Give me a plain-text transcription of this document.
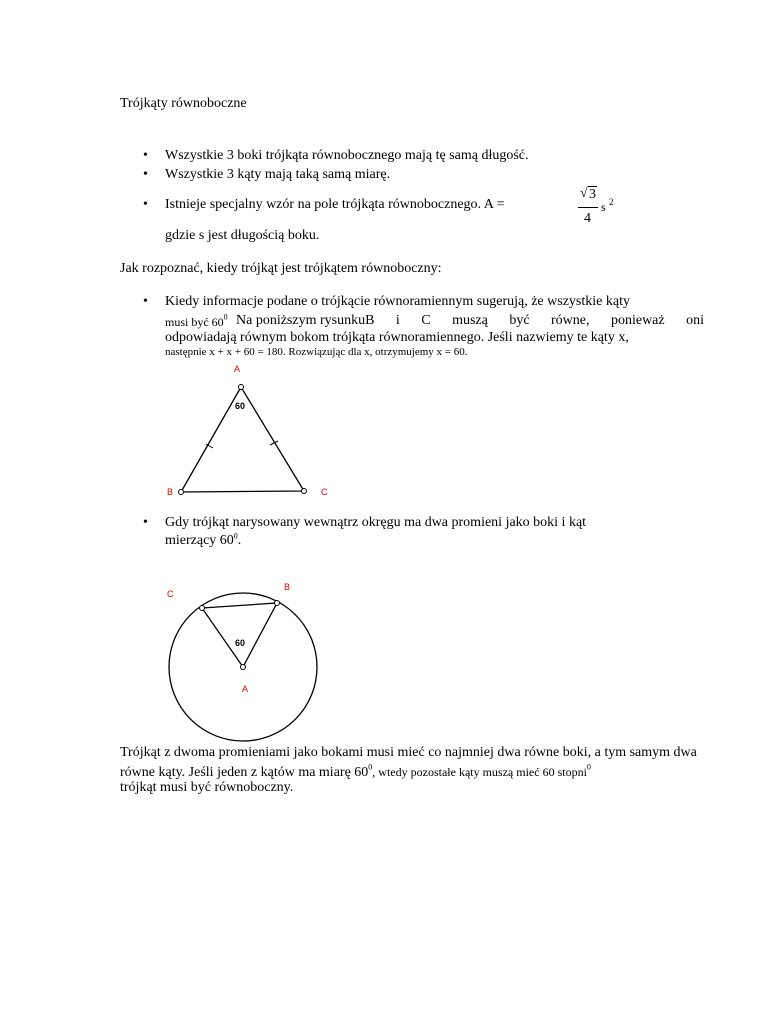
Trójkąty równoboczne
• Wszystkie 3 boki trójkąta równobocznego mają tę samą długość.
• Wszystkie 3 kąty mają taką samą miarę.
• Istnieje specjalny wzór na pole trójkąta równobocznego. A =
√ 3
4
s 2
gdzie s jest długością boku.
Jak rozpoznać, kiedy trójkąt jest trójkątem równoboczny:
• Kiedy informacje podane o trójkącie równoramiennym sugerują, że wszystkie kąty
musi być $60^0$ Na poniższym rysunkuB i C muszą być równe, ponieważ oni
odpowiadają równym bokom trójkąta równoramiennego. Jeśli nazwiemy te kąty x,
następnie x + x + 60 = 180. Rozwiązując dla x, otrzymujemy x = 60.
A
B	C
60
• Gdy trójkąt narysowany wewnątrz okręgu ma dwa promieni jako boki i kąt
mierzący $60^0$.
C
B
A
60
Trójkąt z dwoma promieniami jako bokami musi mieć co najmniej dwa równe boki, a tym samym dwa
równe kąty. Jeśli jeden z kątów ma miarę $60^0$, wtedy pozostałe kąty muszą mieć 60 stopni$^0$
trójkąt musi być równoboczny.
